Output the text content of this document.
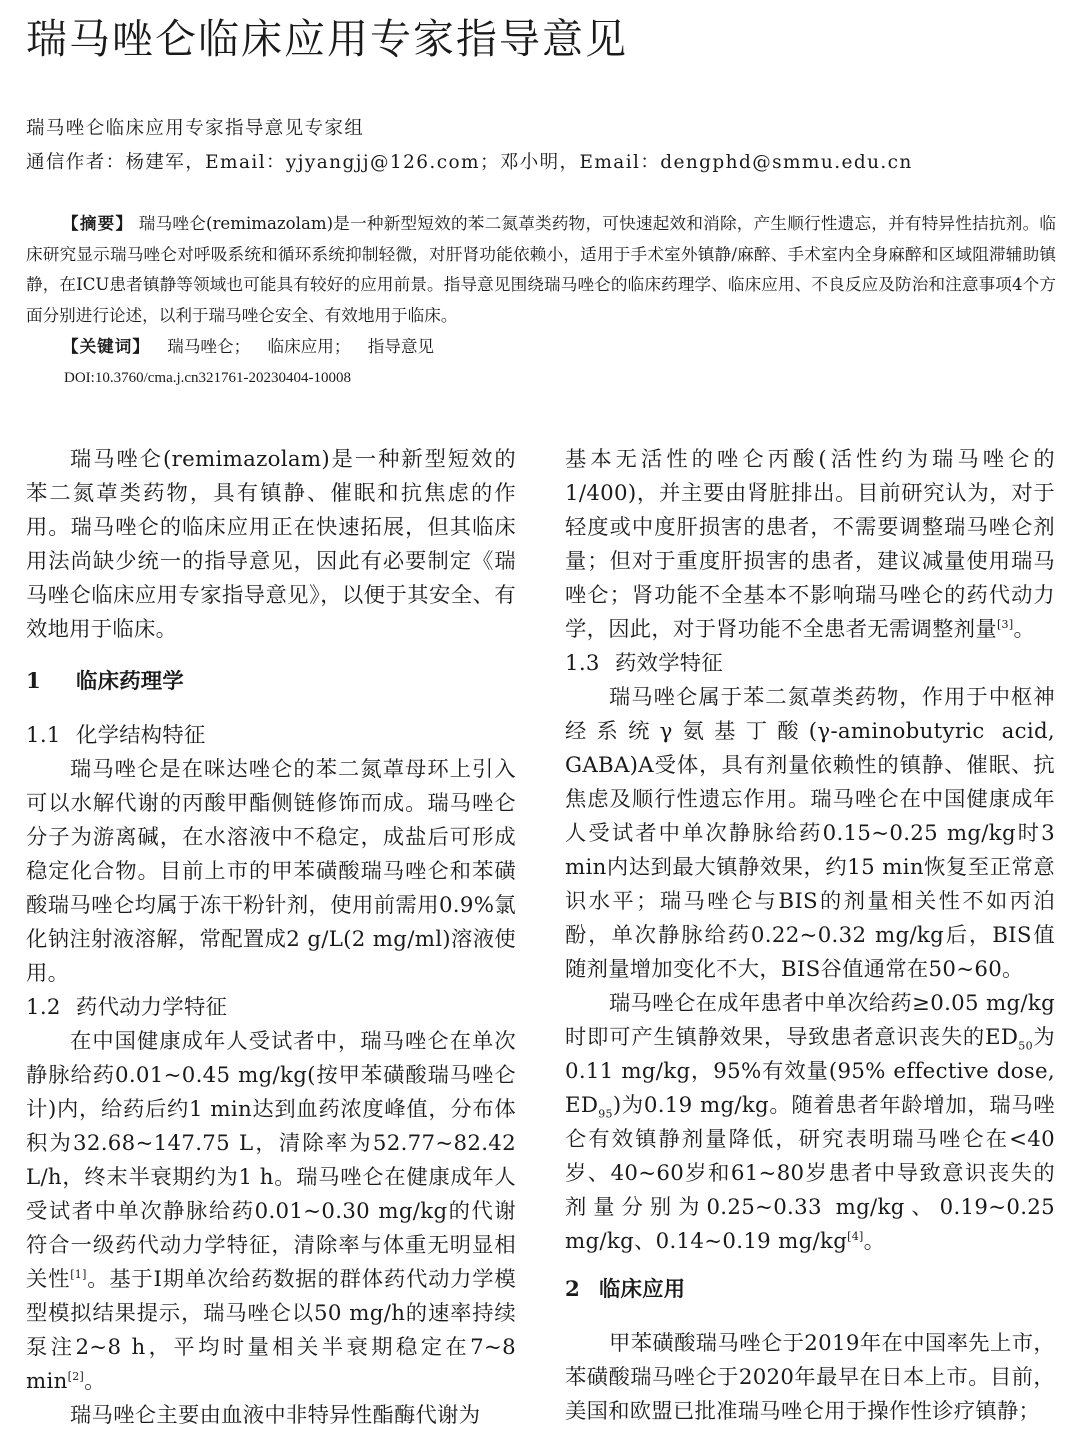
瑞马唑仑临床应用专家指导意见
瑞马唑仑临床应用专家指导意见专家组
通信作者：杨建军，Email：yjyangjj@126.com；邓小明，Email：dengphd@smmu.edu.cn

【摘要】 瑞马唑仑(remimazolam)是一种新型短效的苯二氮䓬类药物，可快速起效和消除，产生顺行性遗忘，并有特异性拮抗剂。临床研究显示瑞马唑仑对呼吸系统和循环系统抑制轻微，对肝肾功能依赖小，适用于手术室外镇静/麻醉、手术室内全身麻醉和区域阻滞辅助镇静，在ICU患者镇静等领域也可能具有较好的应用前景。指导意见围绕瑞马唑仑的临床药理学、临床应用、不良反应及防治和注意事项4个方面分别进行论述，以利于瑞马唑仑安全、有效地用于临床。

【关键词】 瑞马唑仑； 临床应用； 指导意见

DOI:10.3760/cma.j.cn321761-20230404-10008

瑞马唑仑(remimazolam)是一种新型短效的苯二氮䓬类药物，具有镇静、催眠和抗焦虑的作用。瑞马唑仑的临床应用正在快速拓展，但其临床用法尚缺少统一的指导意见，因此有必要制定《瑞马唑仑临床应用专家指导意见》，以便于其安全、有效地用于临床。

1 临床药理学

1.1 化学结构特征

瑞马唑仑是在咪达唑仑的苯二氮䓬母环上引入可以水解代谢的丙酸甲酯侧链修饰而成。瑞马唑仑分子为游离碱，在水溶液中不稳定，成盐后可形成稳定化合物。目前上市的甲苯磺酸瑞马唑仑和苯磺酸瑞马唑仑均属于冻干粉针剂，使用前需用0.9%氯化钠注射液溶解，常配置成2 g/L(2 mg/ml)溶液使用。

1.2 药代动力学特征

在中国健康成年人受试者中，瑞马唑仑在单次静脉给药0.01~0.45 mg/kg(按甲苯磺酸瑞马唑仑计)内，给药后约1 min达到血药浓度峰值，分布体积为32.68~147.75 L，清除率为52.77~82.42 L/h，终末半衰期约为1 h。瑞马唑仑在健康成年人受试者中单次静脉给药0.01~0.30 mg/kg的代谢符合一级药代动力学特征，清除率与体重无明显相关性[1]。基于Ⅰ期单次给药数据的群体药代动力学模型模拟结果提示，瑞马唑仑以50 mg/h的速率持续泵注2~8 h，平均时量相关半衰期稳定在7~8 min[2]。

瑞马唑仑主要由血液中非特异性酯酶代谢为

基本无活性的唑仑丙酸(活性约为瑞马唑仑的1/400)，并主要由肾脏排出。目前研究认为，对于轻度或中度肝损害的患者，不需要调整瑞马唑仑剂量；但对于重度肝损害的患者，建议减量使用瑞马唑仑；肾功能不全基本不影响瑞马唑仑的药代动力学，因此，对于肾功能不全患者无需调整剂量[3]。

1.3 药效学特征

瑞马唑仑属于苯二氮䓬类药物，作用于中枢神经系统γ氨基丁酸(γ-aminobutyric acid, GABA)A受体，具有剂量依赖性的镇静、催眠、抗焦虑及顺行性遗忘作用。瑞马唑仑在中国健康成年人受试者中单次静脉给药0.15~0.25 mg/kg时3 min内达到最大镇静效果，约15 min恢复至正常意识水平；瑞马唑仑与BIS的剂量相关性不如丙泊酚，单次静脉给药0.22~0.32 mg/kg后，BIS值随剂量增加变化不大，BIS谷值通常在50~60。

瑞马唑仑在成年患者中单次给药≥0.05 mg/kg时即可产生镇静效果，导致患者意识丧失的$ED_{50}$为0.11 mg/kg，95%有效量(95% effective dose, $ED_{95}$)为0.19 mg/kg。随着患者年龄增加，瑞马唑仑有效镇静剂量降低，研究表明瑞马唑仑在<40岁、40~60岁和61~80岁患者中导致意识丧失的剂量分别为0.25~0.33 mg/kg、0.19~0.25 mg/kg、0.14~0.19 mg/kg[4]。

2 临床应用

甲苯磺酸瑞马唑仑于2019年在中国率先上市，苯磺酸瑞马唑仑于2020年最早在日本上市。目前，美国和欧盟已批准瑞马唑仑用于操作性诊疗镇静；
